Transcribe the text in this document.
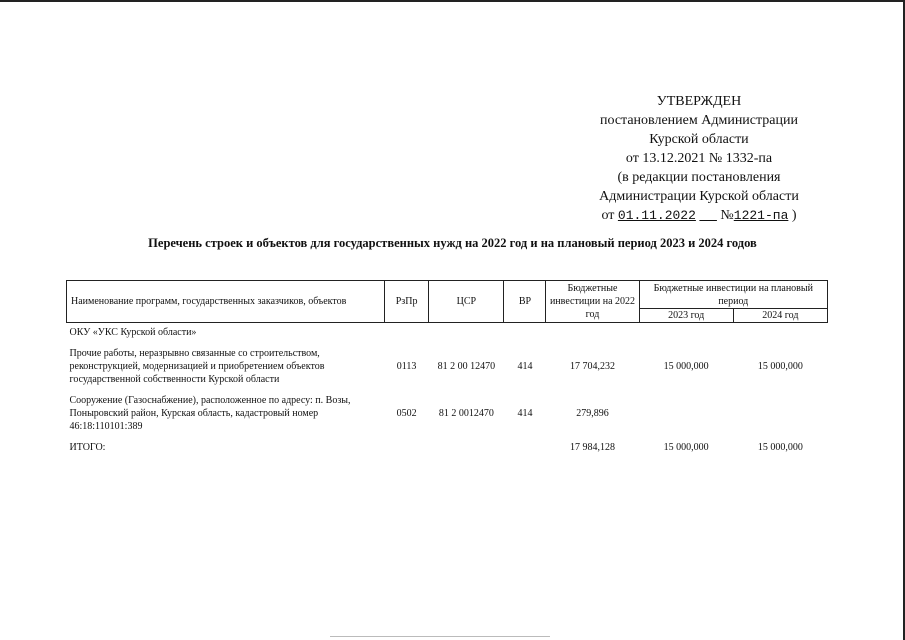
УТВЕРЖДЕН
постановлением Администрации
Курской области
от 13.12.2021 № 1332-па
(в редакции постановления
Администрации Курской области
от 01.11.2022 №1221-па )
Перечень строек и объектов для государственных нужд на 2022 год и на плановый период 2023 и 2024 годов
Наименование программ, государственных заказчиков, объектов	РзПр	ЦСР	ВР	Бюджетные инвестиции на 2022 год	Бюджетные инвестиции на плановый период	
					2023 год	2024 год
ОКУ «УКС Курской области»						
Прочие работы, неразрывно связанные со строительством, реконструкцией, модернизацией и приобретением объектов государственной собственности Курской области	0113	81 2 00 12470	414	17 704,232	15 000,000	15 000,000
Сооружение (Газоснабжение), расположенное по адресу: п. Возы, Поныровский район, Курская область, кадастровый номер 46:18:110101:389	0502	81 2 0012470	414	279,896		
ИТОГО:				17 984,128	15 000,000	15 000,000
